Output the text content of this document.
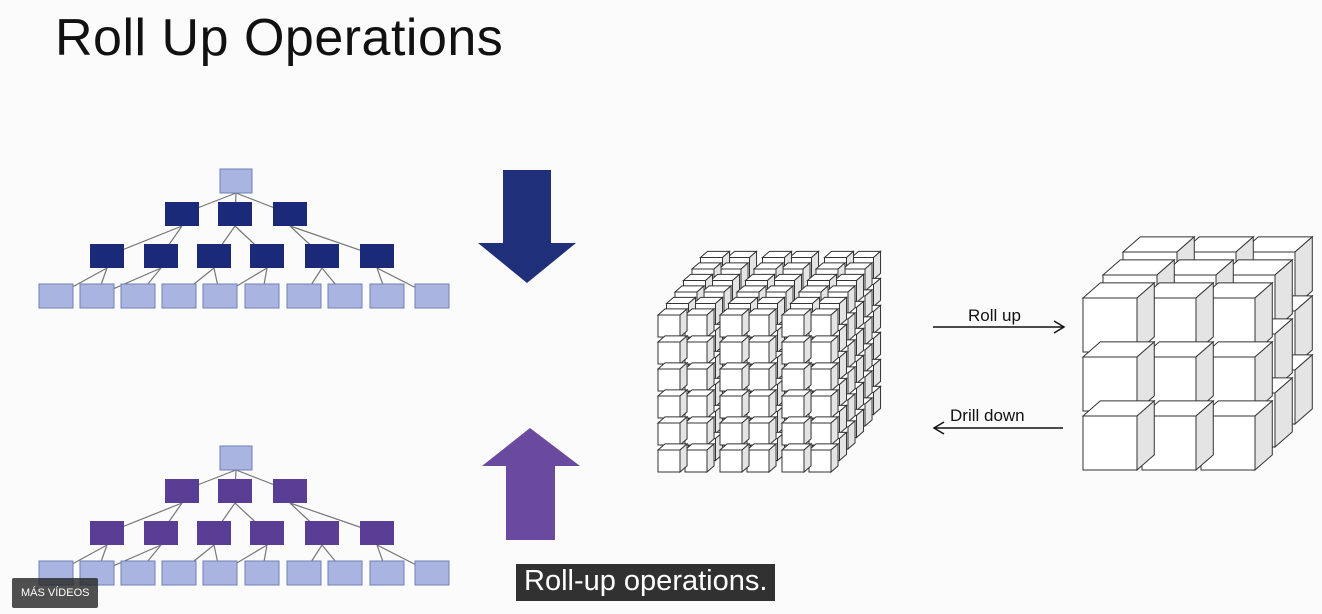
Roll Up Operations
Roll up
Drill down
Roll-up operations.
MÁS VÍDEOS
